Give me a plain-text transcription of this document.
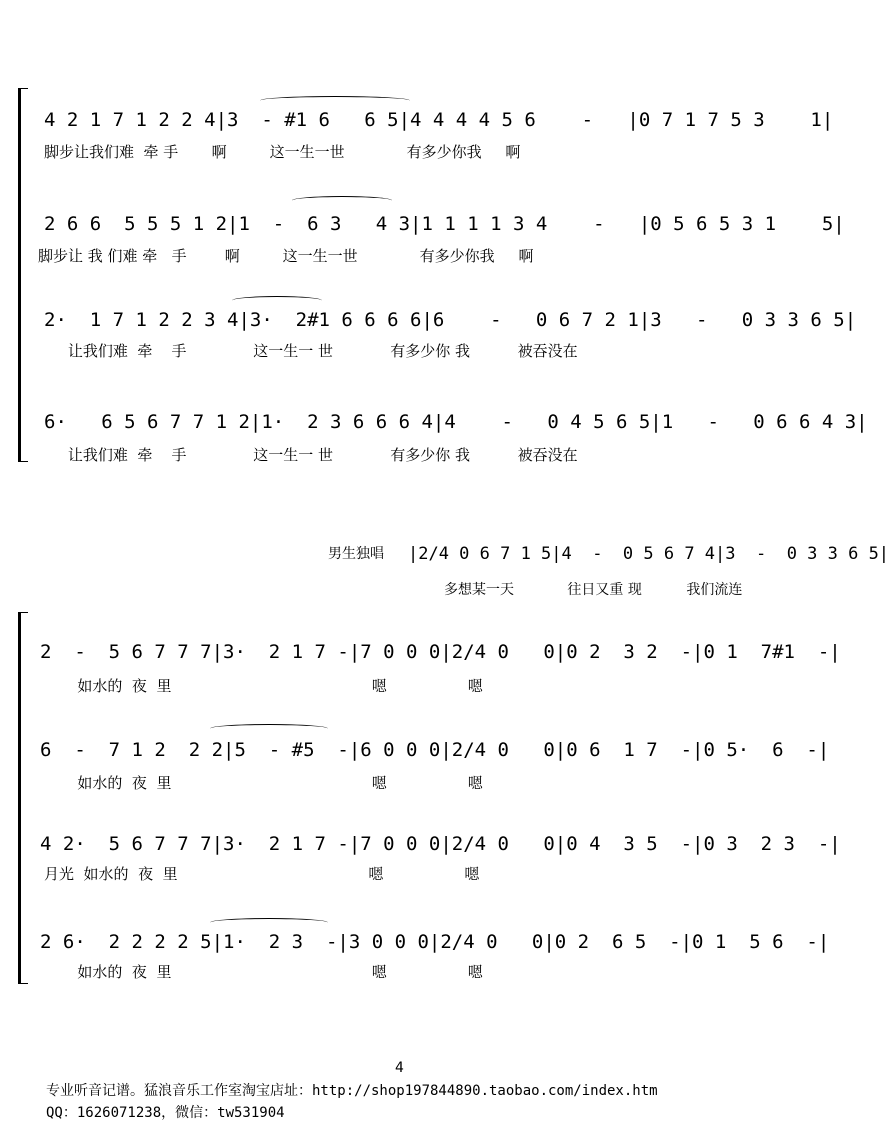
4 2 1 7 1 2 2 4|3  - #1 6   6 5|4 4 4 4 5 6    -   |0 7 1 7 5 3    1|
脚步让我们难  牵 手       啊         这一生一世             有多少你我     啊
2 6 6  5 5 5 1 2|1  -  6 3   4 3|1 1 1 1 3 4    -   |0 5 6 5 3 1    5|
脚步让 我 们难 牵   手        啊         这一生一世             有多少你我     啊
2·  1 7 1 2 2 3 4|3·  2#1 6 6 6 6|6    -   0 6 7 2 1|3   -   0 3 3 6 5|
让我们难  牵    手              这一生一 世            有多少你 我          被吞没在
6·   6 5 6 7 7 1 2|1·  2 3 6 6 6 4|4    -   0 4 5 6 5|1   -   0 6 6 4 3|
让我们难  牵    手              这一生一 世            有多少你 我          被吞没在
男生独唱 |2/4 0 6 7 1 5|4  -  0 5 6 7 4|3  -  0 3 3 6 5|
多想某一天            往日又重 现          我们流连
2  -  5 6 7 7 7|3·  2 1 7 -|7 0 0 0|2/4 0   0|0 2  3 2  -|0 1  7#1  -|
如水的  夜  里                                          嗯                 嗯
6  -  7 1 2  2 2|5  - #5  -|6 0 0 0|2/4 0   0|0 6  1 7  -|0 5·  6  -|
如水的  夜  里                                          嗯                 嗯
4 2·  5 6 7 7 7|3·  2 1 7 -|7 0 0 0|2/4 0   0|0 4  3 5  -|0 3  2 3  -|
月光  如水的  夜  里                                        嗯                 嗯
2 6·  2 2 2 2 5|1·  2 3  -|3 0 0 0|2/4 0   0|0 2  6 5  -|0 1  5 6  -|
如水的  夜  里                                          嗯                 嗯
4
专业听音记谱。猛浪音乐工作室淘宝店址：http://shop197844890.taobao.com/index.htm
QQ：1626071238，微信：tw531904
